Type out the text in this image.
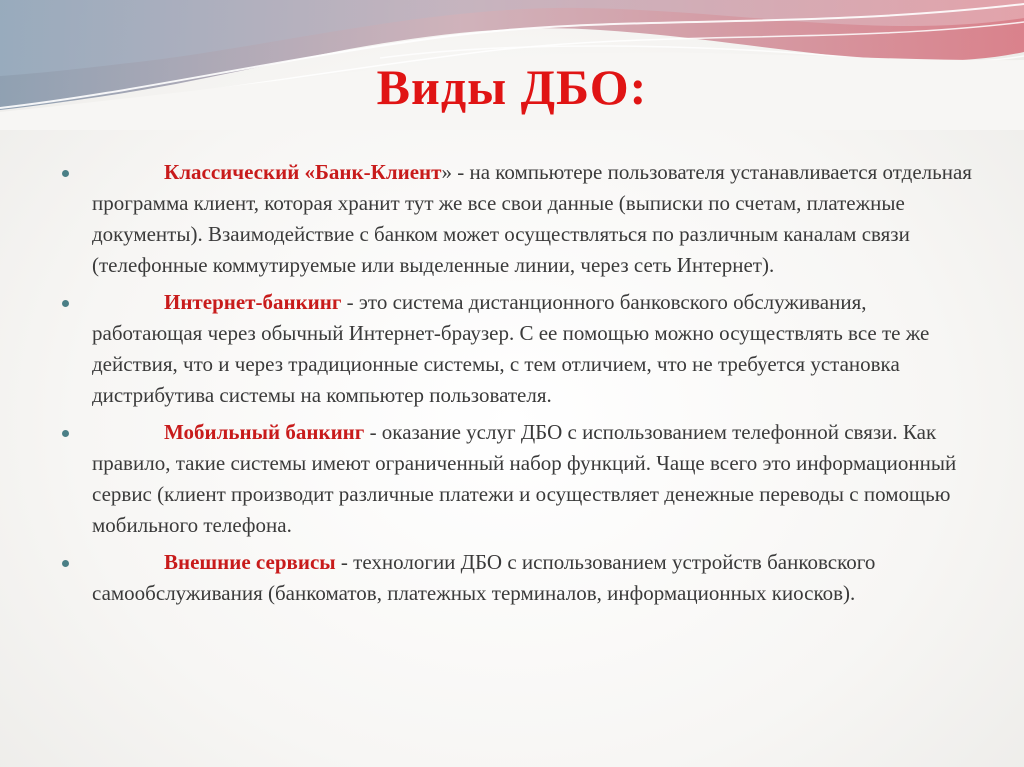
Виды ДБО:
Классический «Банк-Клиент» - на компьютере пользователя устанавливается отдельная программа клиент, которая хранит тут же все свои данные (выписки по счетам, платежные документы). Взаимодействие с банком может осуществляться по различным каналам связи (телефонные коммутируемые или выделенные линии, через сеть Интернет).
Интернет-банкинг - это система дистанционного банковского обслуживания, работающая через обычный Интернет-браузер. С ее помощью можно осуществлять все те же действия, что и через традиционные системы, с тем отличием, что не требуется установка дистрибутива системы на компьютер пользователя.
Мобильный банкинг - оказание услуг ДБО с использованием телефонной связи. Как правило, такие системы имеют ограниченный набор функций. Чаще всего это информационный сервис (клиент производит различные платежи и осуществляет денежные переводы с помощью мобильного телефона.
Внешние сервисы - технологии ДБО с использованием устройств банковского самообслуживания (банкоматов, платежных терминалов, информационных киосков).
